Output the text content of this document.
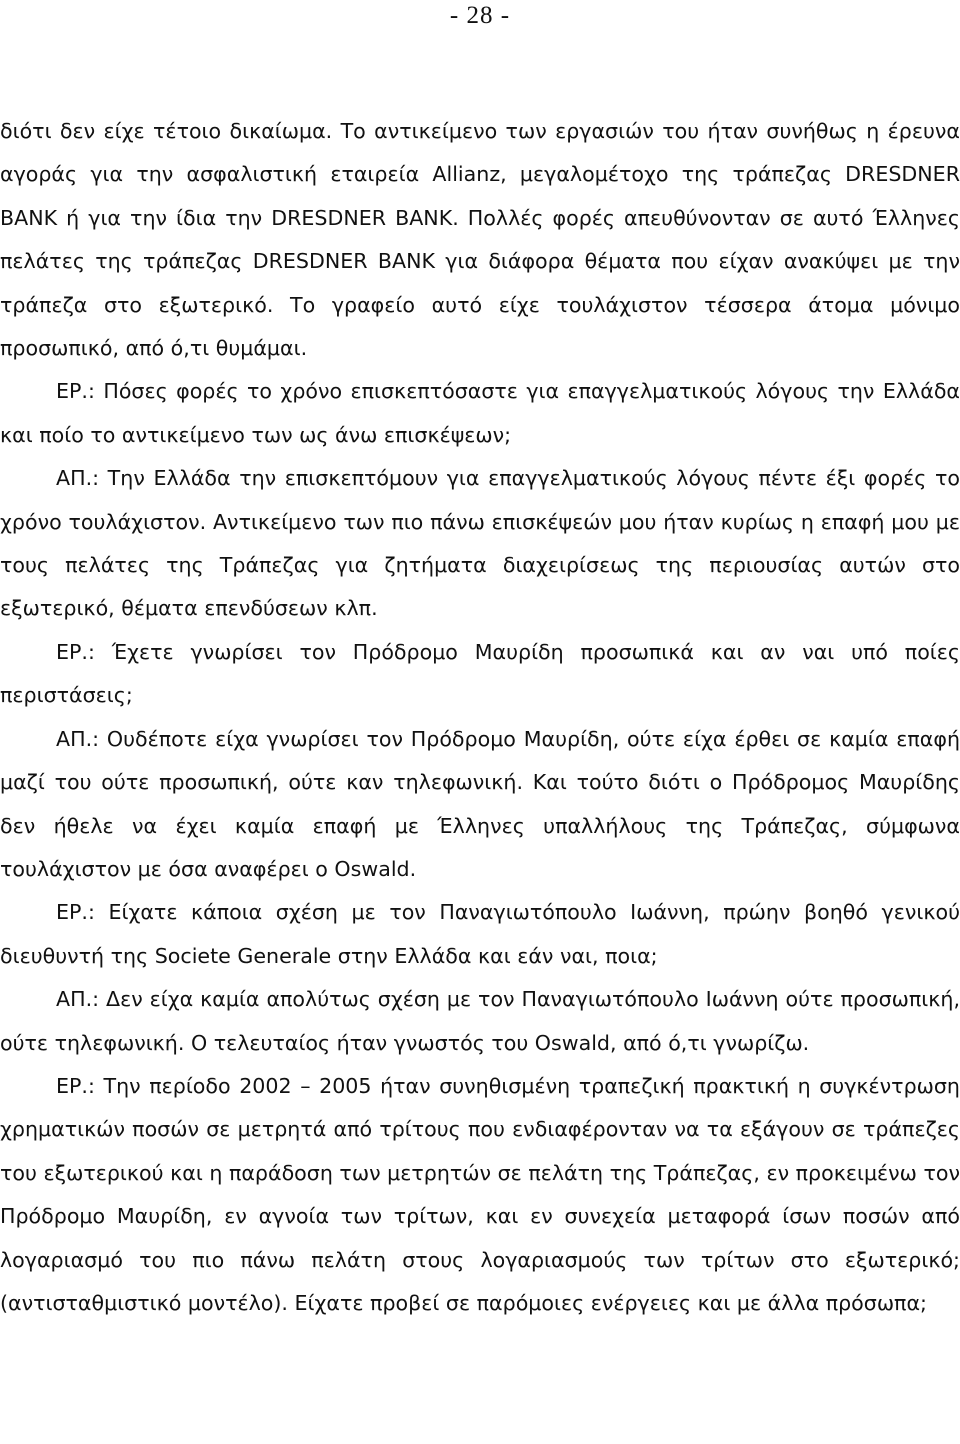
- 28 -

διότι δεν είχε τέτοιο δικαίωμα. Το αντικείμενο των εργασιών του ήταν συνήθως η έρευνα αγοράς για την ασφαλιστική εταιρεία Allianz, μεγαλομέτοχο της τράπεζας DRESDNER BANK ή για την ίδια την DRESDNER BANK. Πολλές φορές απευθύνονταν σε αυτό Έλληνες πελάτες της τράπεζας DRESDNER BANK για διάφορα θέματα που είχαν ανακύψει με την τράπεζα στο εξωτερικό. Το γραφείο αυτό είχε τουλάχιστον τέσσερα άτομα μόνιμο προσωπικό, από ό,τι θυμάμαι.

ΕΡ.: Πόσες φορές το χρόνο επισκεπτόσαστε για επαγγελματικούς λόγους την Ελλάδα και ποίο το αντικείμενο των ως άνω επισκέψεων;

ΑΠ.: Την Ελλάδα την επισκεπτόμουν για επαγγελματικούς λόγους πέντε έξι φορές το χρόνο τουλάχιστον. Αντικείμενο των πιο πάνω επισκέψεών μου ήταν κυρίως η επαφή μου με τους πελάτες της Τράπεζας για ζητήματα διαχειρίσεως της περιουσίας αυτών στο εξωτερικό, θέματα επενδύσεων κλπ.

ΕΡ.: Έχετε γνωρίσει τον Πρόδρομο Μαυρίδη προσωπικά και αν ναι υπό ποίες περιστάσεις;

ΑΠ.: Ουδέποτε είχα γνωρίσει τον Πρόδρομο Μαυρίδη, ούτε είχα έρθει σε καμία επαφή μαζί του ούτε προσωπική, ούτε καν τηλεφωνική. Και τούτο διότι ο Πρόδρομος Μαυρίδης δεν ήθελε να έχει καμία επαφή με Έλληνες υπαλλήλους της Τράπεζας, σύμφωνα τουλάχιστον με όσα αναφέρει ο Oswald.

ΕΡ.: Είχατε κάποια σχέση με τον Παναγιωτόπουλο Ιωάννη, πρώην βοηθό γενικού διευθυντή της Societe Generale στην Ελλάδα και εάν ναι, ποια;

ΑΠ.: Δεν είχα καμία απολύτως σχέση με τον Παναγιωτόπουλο Ιωάννη ούτε προσωπική, ούτε τηλεφωνική. Ο τελευταίος ήταν γνωστός του Oswald, από ό,τι γνωρίζω.

ΕΡ.: Την περίοδο 2002 – 2005 ήταν συνηθισμένη τραπεζική πρακτική η συγκέντρωση χρηματικών ποσών σε μετρητά από τρίτους που ενδιαφέρονταν να τα εξάγουν σε τράπεζες του εξωτερικού και η παράδοση των μετρητών σε πελάτη της Τράπεζας, εν προκειμένω τον Πρόδρομο Μαυρίδη, εν αγνοία των τρίτων, και εν συνεχεία μεταφορά ίσων ποσών από λογαριασμό του πιο πάνω πελάτη στους λογαριασμούς των τρίτων στο εξωτερικό; (αντισταθμιστικό μοντέλο). Είχατε προβεί σε παρόμοιες ενέργειες και με άλλα πρόσωπα;
